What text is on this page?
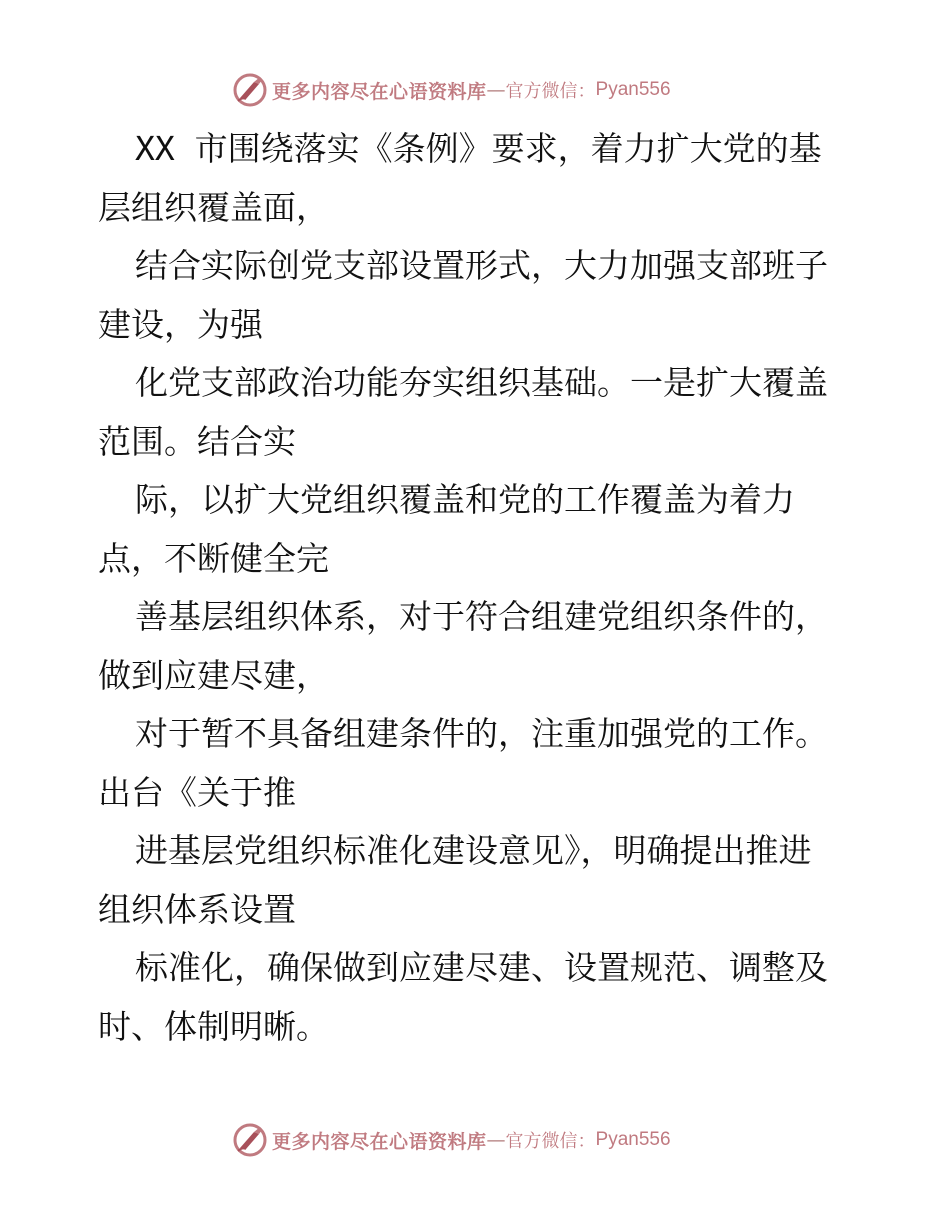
更多内容尽在心语资料库 — 官方微信： Pyan556

XX 市围绕落实《条例》要求，着力扩大党的基
层组织覆盖面，

结合实际创党支部设置形式，大力加强支部班子
建设，为强

化党支部政治功能夯实组织基础。一是扩大覆盖
范围。结合实

际，以扩大党组织覆盖和党的工作覆盖为着力
点，不断健全完

善基层组织体系，对于符合组建党组织条件的，
做到应建尽建，

对于暂不具备组建条件的，注重加强党的工作。
出台《关于推

进基层党组织标准化建设意见》，明确提出推进
组织体系设置

标准化，确保做到应建尽建、设置规范、调整及
时、体制明晰。

更多内容尽在心语资料库 — 官方微信： Pyan556
